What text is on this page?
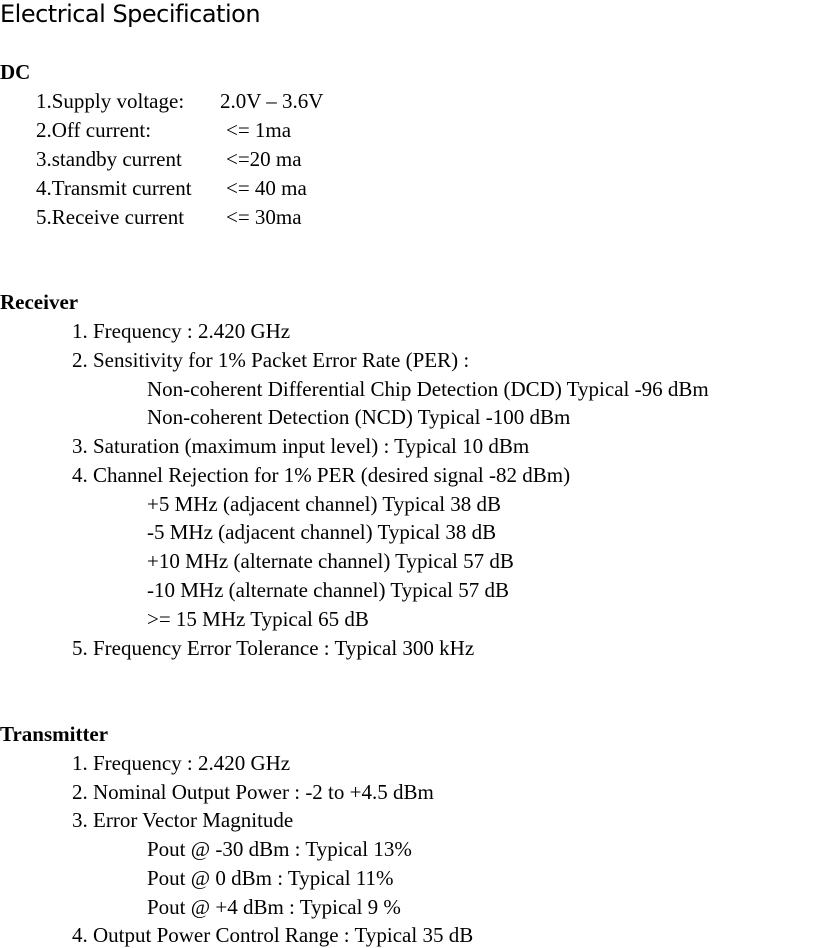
Electrical Specification
DC
1.Supply voltage: 2.0V – 3.6V
2.Off current:	<= 1ma
3.standby current <=20 ma
4.Transmit current <= 40 ma
5.Receive current <= 30ma
Receiver
1. Frequency : 2.420 GHz
2. Sensitivity for 1% Packet Error Rate (PER) :
Non-coherent Differential Chip Detection (DCD) Typical -96 dBm
Non-coherent Detection (NCD) Typical -100 dBm
3. Saturation (maximum input level) : Typical 10 dBm
4. Channel Rejection for 1% PER (desired signal -82 dBm)
+5 MHz (adjacent channel) Typical 38 dB
-5 MHz (adjacent channel) Typical 38 dB
+10 MHz (alternate channel) Typical 57 dB
-10 MHz (alternate channel) Typical 57 dB
>= 15 MHz Typical 65 dB
5. Frequency Error Tolerance : Typical 300 kHz
Transmitter
1. Frequency : 2.420 GHz
2. Nominal Output Power : -2 to +4.5 dBm
3. Error Vector Magnitude
Pout @ -30 dBm : Typical 13%
Pout @ 0 dBm : Typical 11%
Pout @ +4 dBm : Typical 9 %
4. Output Power Control Range : Typical 35 dB
